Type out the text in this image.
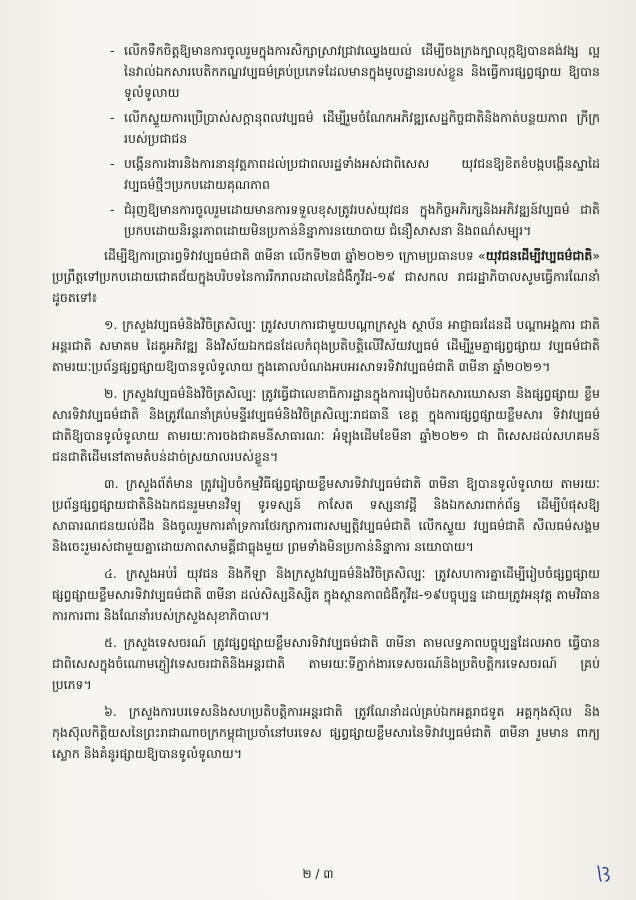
- លើកទឹកចិត្តឱ្យមានការចូលរួមក្នុងការសិក្សាស្រាវជ្រាវឈ្វេងយល់ ដើម្បីចងក្រងក្បាលុក្កឱ្យបានគង់វង្ស ល្អនៃវាល់ឯកសារបេតិកភណ្ឌវប្បធម៌គ្រប់ប្រភេទដែលមានក្នុងមូលដ្ឋានរបស់ខ្លួន និងធ្វើការផ្សព្វផ្សាយ ឱ្យបានទូលំទូលាយ
- លើកស្ទួយការប្រើប្រាស់សក្តានុពលវប្បធម៌ ដើម្បីរួមចំណែកអភិវឌ្ឍសេដ្ឋកិច្ចជាតិនិងកាត់បន្ថយភាព ក្រីក្ររបស់ប្រជាជន
- បង្កើនការងារនិងការនានុវត្តភាពដល់ប្រជាពលរដ្ឋទាំងអស់ជាពិសេស យុវជនឱ្យខិតខំបង្កបង្កើនស្នាដៃ វប្បធម៌ថ្មីៗប្រកបដោយគុណភាព
- ជំរុញឱ្យមានការចូលរួមដោយមានការទទួលខុសត្រូវរបស់យុវជន ក្នុងកិច្ចអភិរក្សនិងអភិវឌ្ឍន៍វប្បធម៌ ជាតិប្រកបដោយនិរន្តរភាពដោយមិនប្រកាន់និន្នាការនយោបាយ ជំនឿសាសនា និងពណ៌សម្បុរ។

ដើម្បីឱ្យការប្រារព្ធទិវាវប្បធម៌ជាតិ ៣មីនា លើកទី២៣ ឆ្នាំ២០២១ ក្រោមប្រធានបទ «យុវជនដើម្បីវប្បធម៌ជាតិ» ប្រព្រឹត្តទៅប្រកបដោយជោគជ័យក្នុងបរិបទនៃការរីករាលដាលនៃជំងឺកូវីដ-១៩ ជាសកល រាជរដ្ឋាភិបាលសូមធ្វើការណែនាំដូចតទៅ៖

១. ក្រសួងវប្បធម៌និងវិចិត្រសិល្បៈ ត្រូវសហការជាមួយបណ្តាក្រសួង ស្ថាប័ន អាជ្ញាធរដែនដី បណ្តាអង្គការ ជាតិ អន្តរជាតិ សមាគម ដៃគូអភិវឌ្ឍ និងវិស័យឯកជនដែលកំពុងប្រតិបត្តិលើវិស័យវប្បធម៌ ដើម្បីរួមគ្នាផ្សព្វផ្សាយ វប្បធម៌ជាតិ តាមរយៈប្រព័ន្ធផ្សព្វផ្សាយឱ្យបានទូលំទូលាយ ក្នុងគោលបំណងអបអរសាទរទិវាវប្បធម៌ជាតិ ៣មីនា ឆ្នាំ២០២១។

២. ក្រសួងវប្បធម៌និងវិចិត្រសិល្បៈ ត្រូវធ្វើជាលេខាធិការដ្ឋានក្នុងការរៀបចំឯកសារឃោសនា និងផ្សព្វផ្សាយ ខ្លឹមសារទិវាវប្បធម៌ជាតិ និងត្រូវណែនាំគ្រប់មន្ទីរវប្បធម៌និងវិចិត្រសិល្បៈរាជធានី ខេត្ត ក្នុងការផ្សព្វផ្សាយខ្លឹមសារ ទិវាវប្បធម៌ជាតិឱ្យបានទូលំទូលាយ តាមរយៈការចងជាគមនីសាធារណៈ អំឡុងដើមខែមីនា ឆ្នាំ២០២១ ជា ពិសេសដល់សហគមន៍ជនជាតិដើមនៅតាមតំបន់ដាច់ស្រយាលរបស់ខ្លួន។

៣. ក្រសួងព័ត៌មាន ត្រូវរៀបចំកម្មវិធីផ្សព្វផ្សាយខ្លឹមសារទិវាវប្បធម៌ជាតិ ៣មីនា ឱ្យបានទូលំទូលាយ តាមរយៈប្រព័ន្ធផ្សព្វផ្សាយជាតិនិងឯកជនរួមមានវិទ្យុ ទូរទស្សន៍ កាសែត ទស្សនាវដ្តី និងឯកសារពាក់ព័ន្ធ ដើម្បីបំផុសឱ្យ សាធារណជនយល់ដឹង និងចូលរួមការគាំទ្រការថែរក្សាការពារសម្បត្តិវប្បធម៌ជាតិ លើកស្ទួយ វប្បធម៌ជាតិ សីលធម៌សង្គម និងចេះរួមរស់ជាមួយគ្នាដោយភាពសាមគ្គីជាធ្លុងមួយ ព្រមទាំងមិនប្រកាន់និន្នាការ នយោបាយ។

៤. ក្រសួងអប់រំ យុវជន និងកីឡា និងក្រសួងវប្បធម៌និងវិចិត្រសិល្បៈ ត្រូវសហការគ្នាដើម្បីរៀបចំផ្សព្វផ្សាយ ផ្សព្វផ្សាយខ្លឹមសារទិវាវប្បធម៌ជាតិ ៣មីនា ដល់សិស្សនិស្សិត ក្នុងស្ថានភាពជំងឺកូវីដ-១៩បច្ចុប្បន្ន ដោយត្រូវអនុវត្ត តាមវិធានការការពារ និងណែនាំរបស់ក្រសួងសុខាភិបាល។

៥. ក្រសួងទេសចរណ៍ ត្រូវផ្សព្វផ្សាយខ្លឹមសារទិវាវប្បធម៌ជាតិ ៣មីនា តាមលទ្ធភាពបច្ចុប្បន្នដែលអាច ធ្វើបាន ជាពិសេសក្នុងចំណោមភ្ញៀវទេសចរជាតិនិងអន្តរជាតិ តាមរយៈទីភ្នាក់ងារទេសចរណ៍និងប្រតិបត្តិករទេសចរណ៍ គ្រប់ប្រភេទ។

៦. ក្រសួងការបរទេសនិងសហប្រតិបត្តិការអន្តរជាតិ ត្រូវណែនាំដល់គ្រប់ឯកអគ្គរាជទូត អគ្គកុងស៊ុល និងកុងស៊ុលកិត្តិយសនៃព្រះរាជាណាចក្រកម្ពុជាប្រចាំនៅបរទេស ផ្សព្វផ្សាយខ្លឹមសារនៃទិវាវប្បធម៌ជាតិ ៣មីនា រួមមាន ពាក្យស្លោក និងគំនូរផ្សាយឱ្យបានទូលំទូលាយ។

២ / ៣
